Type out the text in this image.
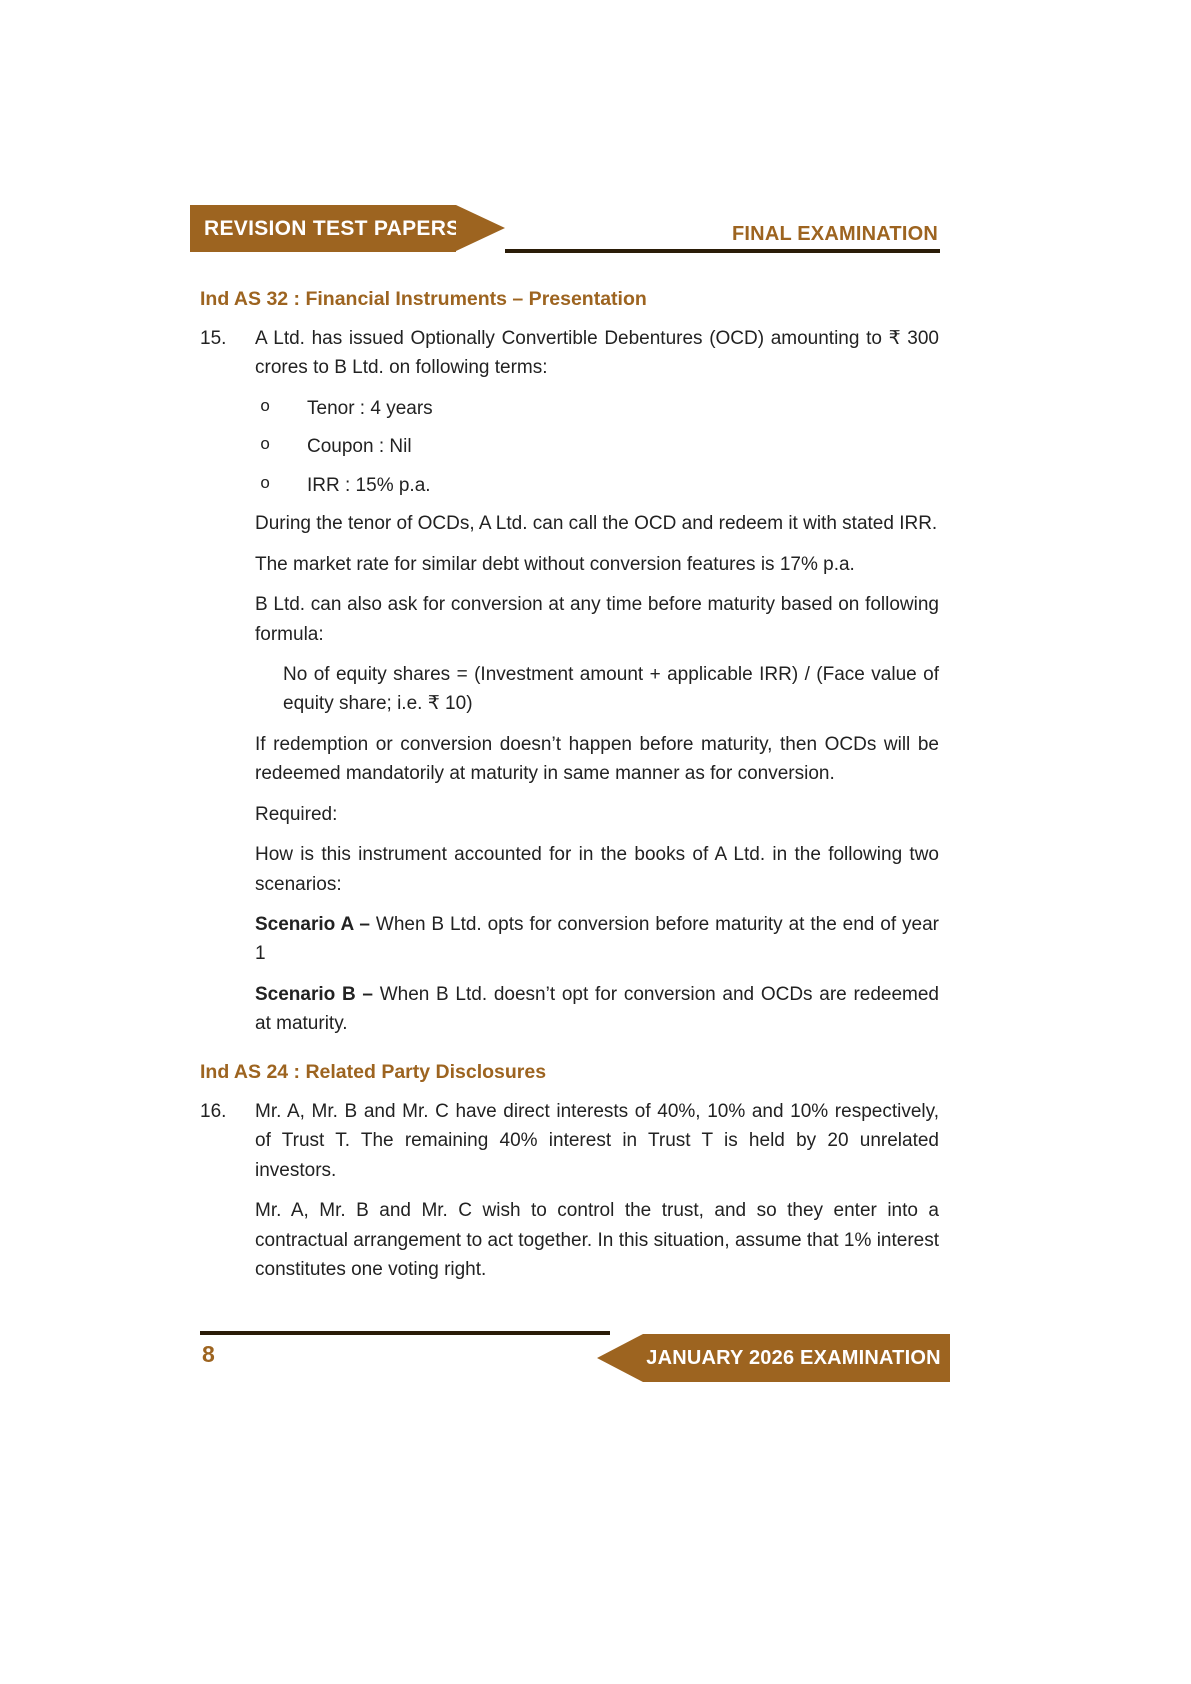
REVISION TEST PAPERS	FINAL EXAMINATION
Ind AS 32 : Financial Instruments – Presentation
15.	A Ltd. has issued Optionally Convertible Debentures (OCD) amounting to ₹ 300 crores to B Ltd. on following terms:

o	Tenor : 4 years
o	Coupon : Nil
o	IRR : 15% p.a.

During the tenor of OCDs, A Ltd. can call the OCD and redeem it with stated IRR.

The market rate for similar debt without conversion features is 17% p.a.

B Ltd. can also ask for conversion at any time before maturity based on following formula:

No of equity shares = (Investment amount + applicable IRR) / (Face value of equity share; i.e. ₹ 10)

If redemption or conversion doesn’t happen before maturity, then OCDs will be redeemed mandatorily at maturity in same manner as for conversion.

Required:

How is this instrument accounted for in the books of A Ltd. in the following two scenarios:

Scenario A – When B Ltd. opts for conversion before maturity at the end of year 1

Scenario B – When B Ltd. doesn’t opt for conversion and OCDs are redeemed at maturity.

Ind AS 24 : Related Party Disclosures
16.	Mr. A, Mr. B and Mr. C have direct interests of 40%, 10% and 10% respectively, of Trust T. The remaining 40% interest in Trust T is held by 20 unrelated investors.

Mr. A, Mr. B and Mr. C wish to control the trust, and so they enter into a contractual arrangement to act together. In this situation, assume that 1% interest constitutes one voting right.

8	JANUARY 2026 EXAMINATION
